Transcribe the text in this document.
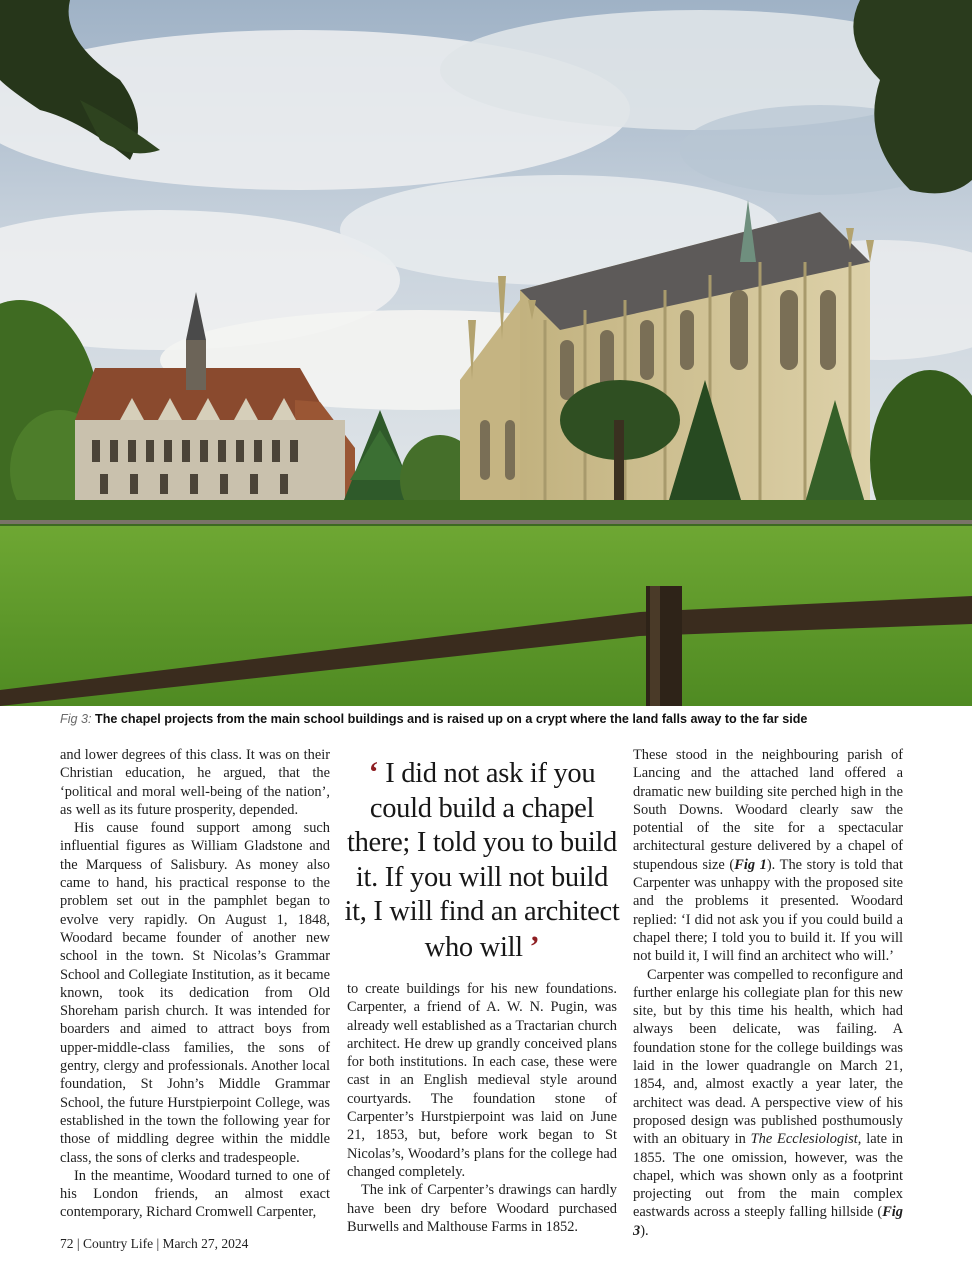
Fig 3: The chapel projects from the main school buildings and is raised up on a crypt where the land falls away to the far side

and lower degrees of this class. It was on their Christian education, he argued, that the ‘political and moral well-being of the nation’, as well as its future prosperity, depended.

His cause found support among such influential figures as William Gladstone and the Marquess of Salisbury. As money also came to hand, his practical response to the problem set out in the pamphlet began to evolve very rapidly. On August 1, 1848, Woodard became founder of another new school in the town. St Nicolas’s Grammar School and Collegiate Institution, as it became known, took its dedication from Old Shoreham parish church. It was intended for boarders and aimed to attract boys from upper-middle-class families, the sons of gentry, clergy and professionals. Another local foundation, St John’s Middle Grammar School, the future Hurstpierpoint College, was established in the town the following year for those of middling degree within the middle class, the sons of clerks and tradespeople.

In the meantime, Woodard turned to one of his London friends, an almost exact contemporary, Richard Cromwell Carpenter,

‘ I did not ask if you could build a chapel there; I told you to build it. If you will not build it, I will find an architect who will ’

to create buildings for his new foundations. Carpenter, a friend of A. W. N. Pugin, was already well established as a Tractarian church architect. He drew up grandly conceived plans for both institutions. In each case, these were cast in an English medieval style around courtyards. The foundation stone of Carpenter’s Hurstpierpoint was laid on June 21, 1853, but, before work began to St Nicolas’s, Woodard’s plans for the college had changed completely.

The ink of Carpenter’s drawings can hardly have been dry before Woodard purchased Burwells and Malthouse Farms in 1852.

These stood in the neighbouring parish of Lancing and the attached land offered a dramatic new building site perched high in the South Downs. Woodard clearly saw the potential of the site for a spectacular architectural gesture delivered by a chapel of stupendous size (Fig 1). The story is told that Carpenter was unhappy with the proposed site and the problems it presented. Woodard replied: ‘I did not ask you if you could build a chapel there; I told you to build it. If you will not build it, I will find an architect who will.’

Carpenter was compelled to reconfigure and further enlarge his collegiate plan for this new site, but by this time his health, which had always been delicate, was failing. A foundation stone for the college buildings was laid in the lower quadrangle on March 21, 1854, and, almost exactly a year later, the architect was dead. A perspective view of his proposed design was published posthumously with an obituary in The Ecclesiologist, late in 1855. The one omission, however, was the chapel, which was shown only as a footprint projecting out from the main complex eastwards across a steeply falling hillside (Fig 3).

72 | Country Life | March 27, 2024
